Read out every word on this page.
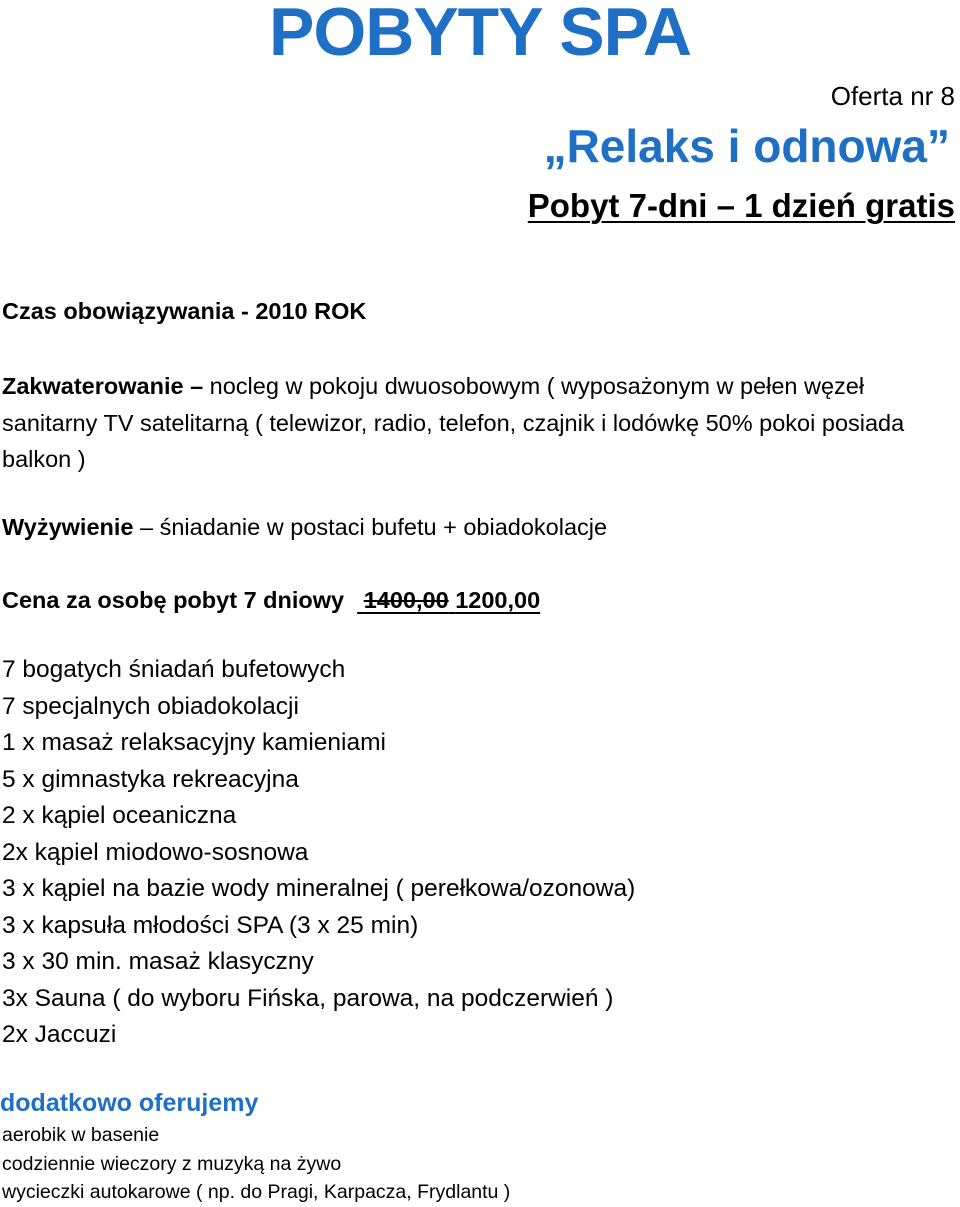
POBYTY SPA
Oferta nr 8
„Relaks i odnowa”
Pobyt 7-dni – 1 dzień gratis
Czas obowiązywania - 2010 ROK
Zakwaterowanie – nocleg w pokoju dwuosobowym ( wyposażonym w pełen węzeł sanitarny TV satelitarną ( telewizor, radio, telefon, czajnik i lodówkę 50% pokoi posiada balkon )
Wyżywienie – śniadanie w postaci bufetu + obiadokolacje
Cena za osobę pobyt 7 dniowy 1400,00 1200,00
7 bogatych śniadań bufetowych
7 specjalnych obiadokolacji
1 x masaż relaksacyjny kamieniami
5 x gimnastyka rekreacyjna
2 x kąpiel oceaniczna
2x kąpiel miodowo-sosnowa
3 x kąpiel na bazie wody mineralnej ( perełkowa/ozonowa)
3 x kapsuła młodości SPA (3 x 25 min)
3 x 30 min. masaż klasyczny
3x Sauna ( do wyboru Fińska, parowa, na podczerwień )
2x Jaccuzi
dodatkowo oferujemy
aerobik w basenie
codziennie wieczory z muzyką na żywo
wycieczki autokarowe ( np. do Pragi, Karpacza, Frydlantu )
